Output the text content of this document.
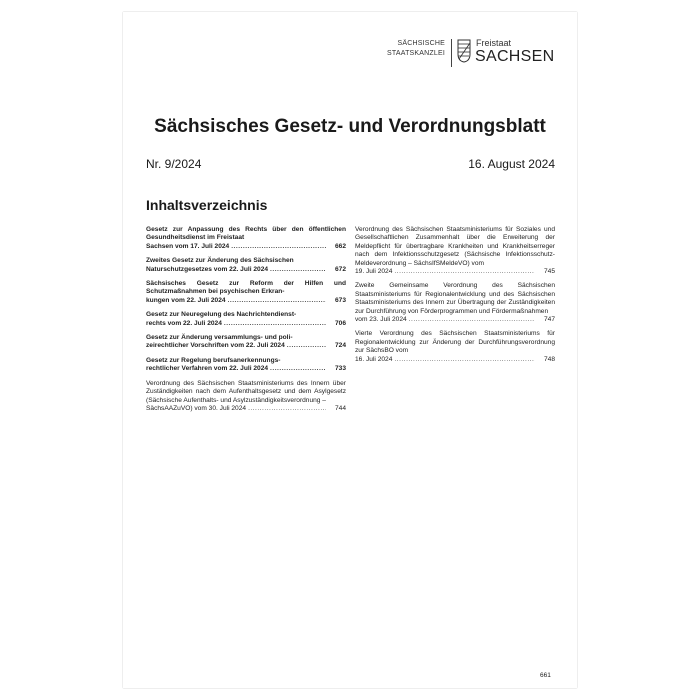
SÄCHSISCHE
STAATSKANZLEI
Freistaat
SACHSEN
Sächsisches Gesetz- und Verordnungsblatt
Nr. 9/2024	16. August 2024
Inhaltsverzeichnis
Gesetz zur Anpassung des Rechts über den öffentlichen Gesundheitsdienst im Freistaat
Sachsen vom 17. Juli 2024 .....	662
Zweites Gesetz zur Änderung des Sächsischen
Naturschutzgesetzes vom 22. Juli 2024 .....	672
Sächsisches Gesetz zur Reform der Hilfen und Schutzmaßnahmen bei psychischen Erkran-
kungen vom 22. Juli 2024 .....	673
Gesetz zur Neuregelung des Nachrichtendienst-
rechts vom 22. Juli 2024 .....	706
Gesetz zur Änderung versammlungs- und poli-
zeirechtlicher Vorschriften vom 22. Juli 2024 .....	724
Gesetz zur Regelung berufsanerkennungs-
rechtlicher Verfahren vom 22. Juli 2024 .....	733
Verordnung des Sächsischen Staatsministeriums des Innern über Zuständigkeiten nach dem Aufenthaltsgesetz und dem Asylgesetz (Sächsische Aufenthalts- und Asylzuständigkeitsverordnung –
SächsAAZuVO) vom 30. Juli 2024 .....	744
Verordnung des Sächsischen Staatsministeriums für Soziales und Gesellschaftlichen Zusammenhalt über die Erweiterung der Meldepflicht für übertragbare Krankheiten und Krankheitserreger nach dem Infektionsschutzgesetz (Sächsische Infektionsschutz-Meldeverordnung – SächsIfSMeldeVO) vom
19. Juli 2024 .....	745
Zweite Gemeinsame Verordnung des Sächsischen Staatsministeriums für Regionalentwicklung und des Sächsischen Staatsministeriums des Innern zur Übertragung der Zuständigkeiten zur Durchführung von Förderprogrammen und Fördermaßnahmen
vom 23. Juli 2024 .....	747
Vierte Verordnung des Sächsischen Staatsministeriums für Regionalentwicklung zur Änderung der Durchführungsverordnung zur SächsBO vom
16. Juli 2024 .....	748
661
